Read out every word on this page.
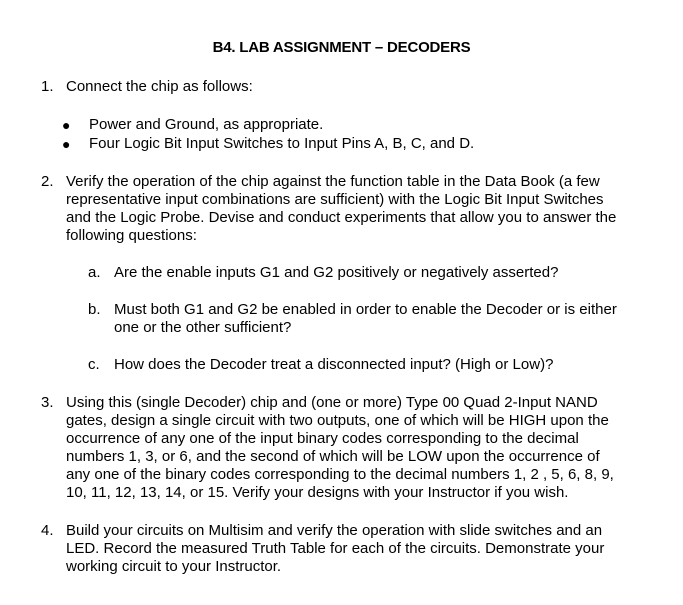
B4. LAB ASSIGNMENT – DECODERS
1. Connect the chip as follows:
● Power and Ground, as appropriate.
● Four Logic Bit Input Switches to Input Pins A, B, C, and D.
2. Verify the operation of the chip against the function table in the Data Book (a few
representative input combinations are sufficient) with the Logic Bit Input Switches
and the Logic Probe. Devise and conduct experiments that allow you to answer the
following questions:
a. Are the enable inputs G1 and G2 positively or negatively asserted?
b. Must both G1 and G2 be enabled in order to enable the Decoder or is either
one or the other sufficient?
c. How does the Decoder treat a disconnected input? (High or Low)?
3. Using this (single Decoder) chip and (one or more) Type 00 Quad 2-Input NAND
gates, design a single circuit with two outputs, one of which will be HIGH upon the
occurrence of any one of the input binary codes corresponding to the decimal
numbers 1, 3, or 6, and the second of which will be LOW upon the occurrence of
any one of the binary codes corresponding to the decimal numbers 1, 2 , 5, 6, 8, 9,
10, 11, 12, 13, 14, or 15. Verify your designs with your Instructor if you wish.
4. Build your circuits on Multisim and verify the operation with slide switches and an
LED. Record the measured Truth Table for each of the circuits. Demonstrate your
working circuit to your Instructor.
